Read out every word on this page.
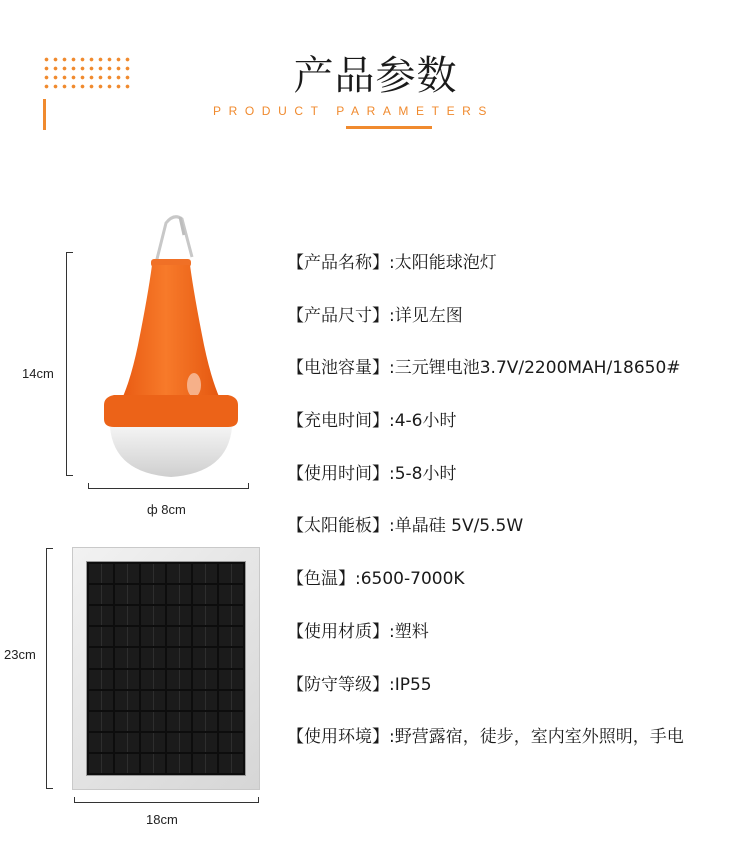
产品参数
PRODUCT PARAMETERS
14cm
ф 8cm
23cm
18cm
【产品名称】:太阳能球泡灯
【产品尺寸】:详见左图
【电池容量】:三元锂电池3.7V/2200MAH/18650#
【充电时间】:4-6小时
【使用时间】:5-8小时
【太阳能板】:单晶硅 5V/5.5W
【色温】:6500-7000K
【使用材质】:塑料
【防守等级】:IP55
【使用环境】:野营露宿，徒步，室内室外照明，手电
